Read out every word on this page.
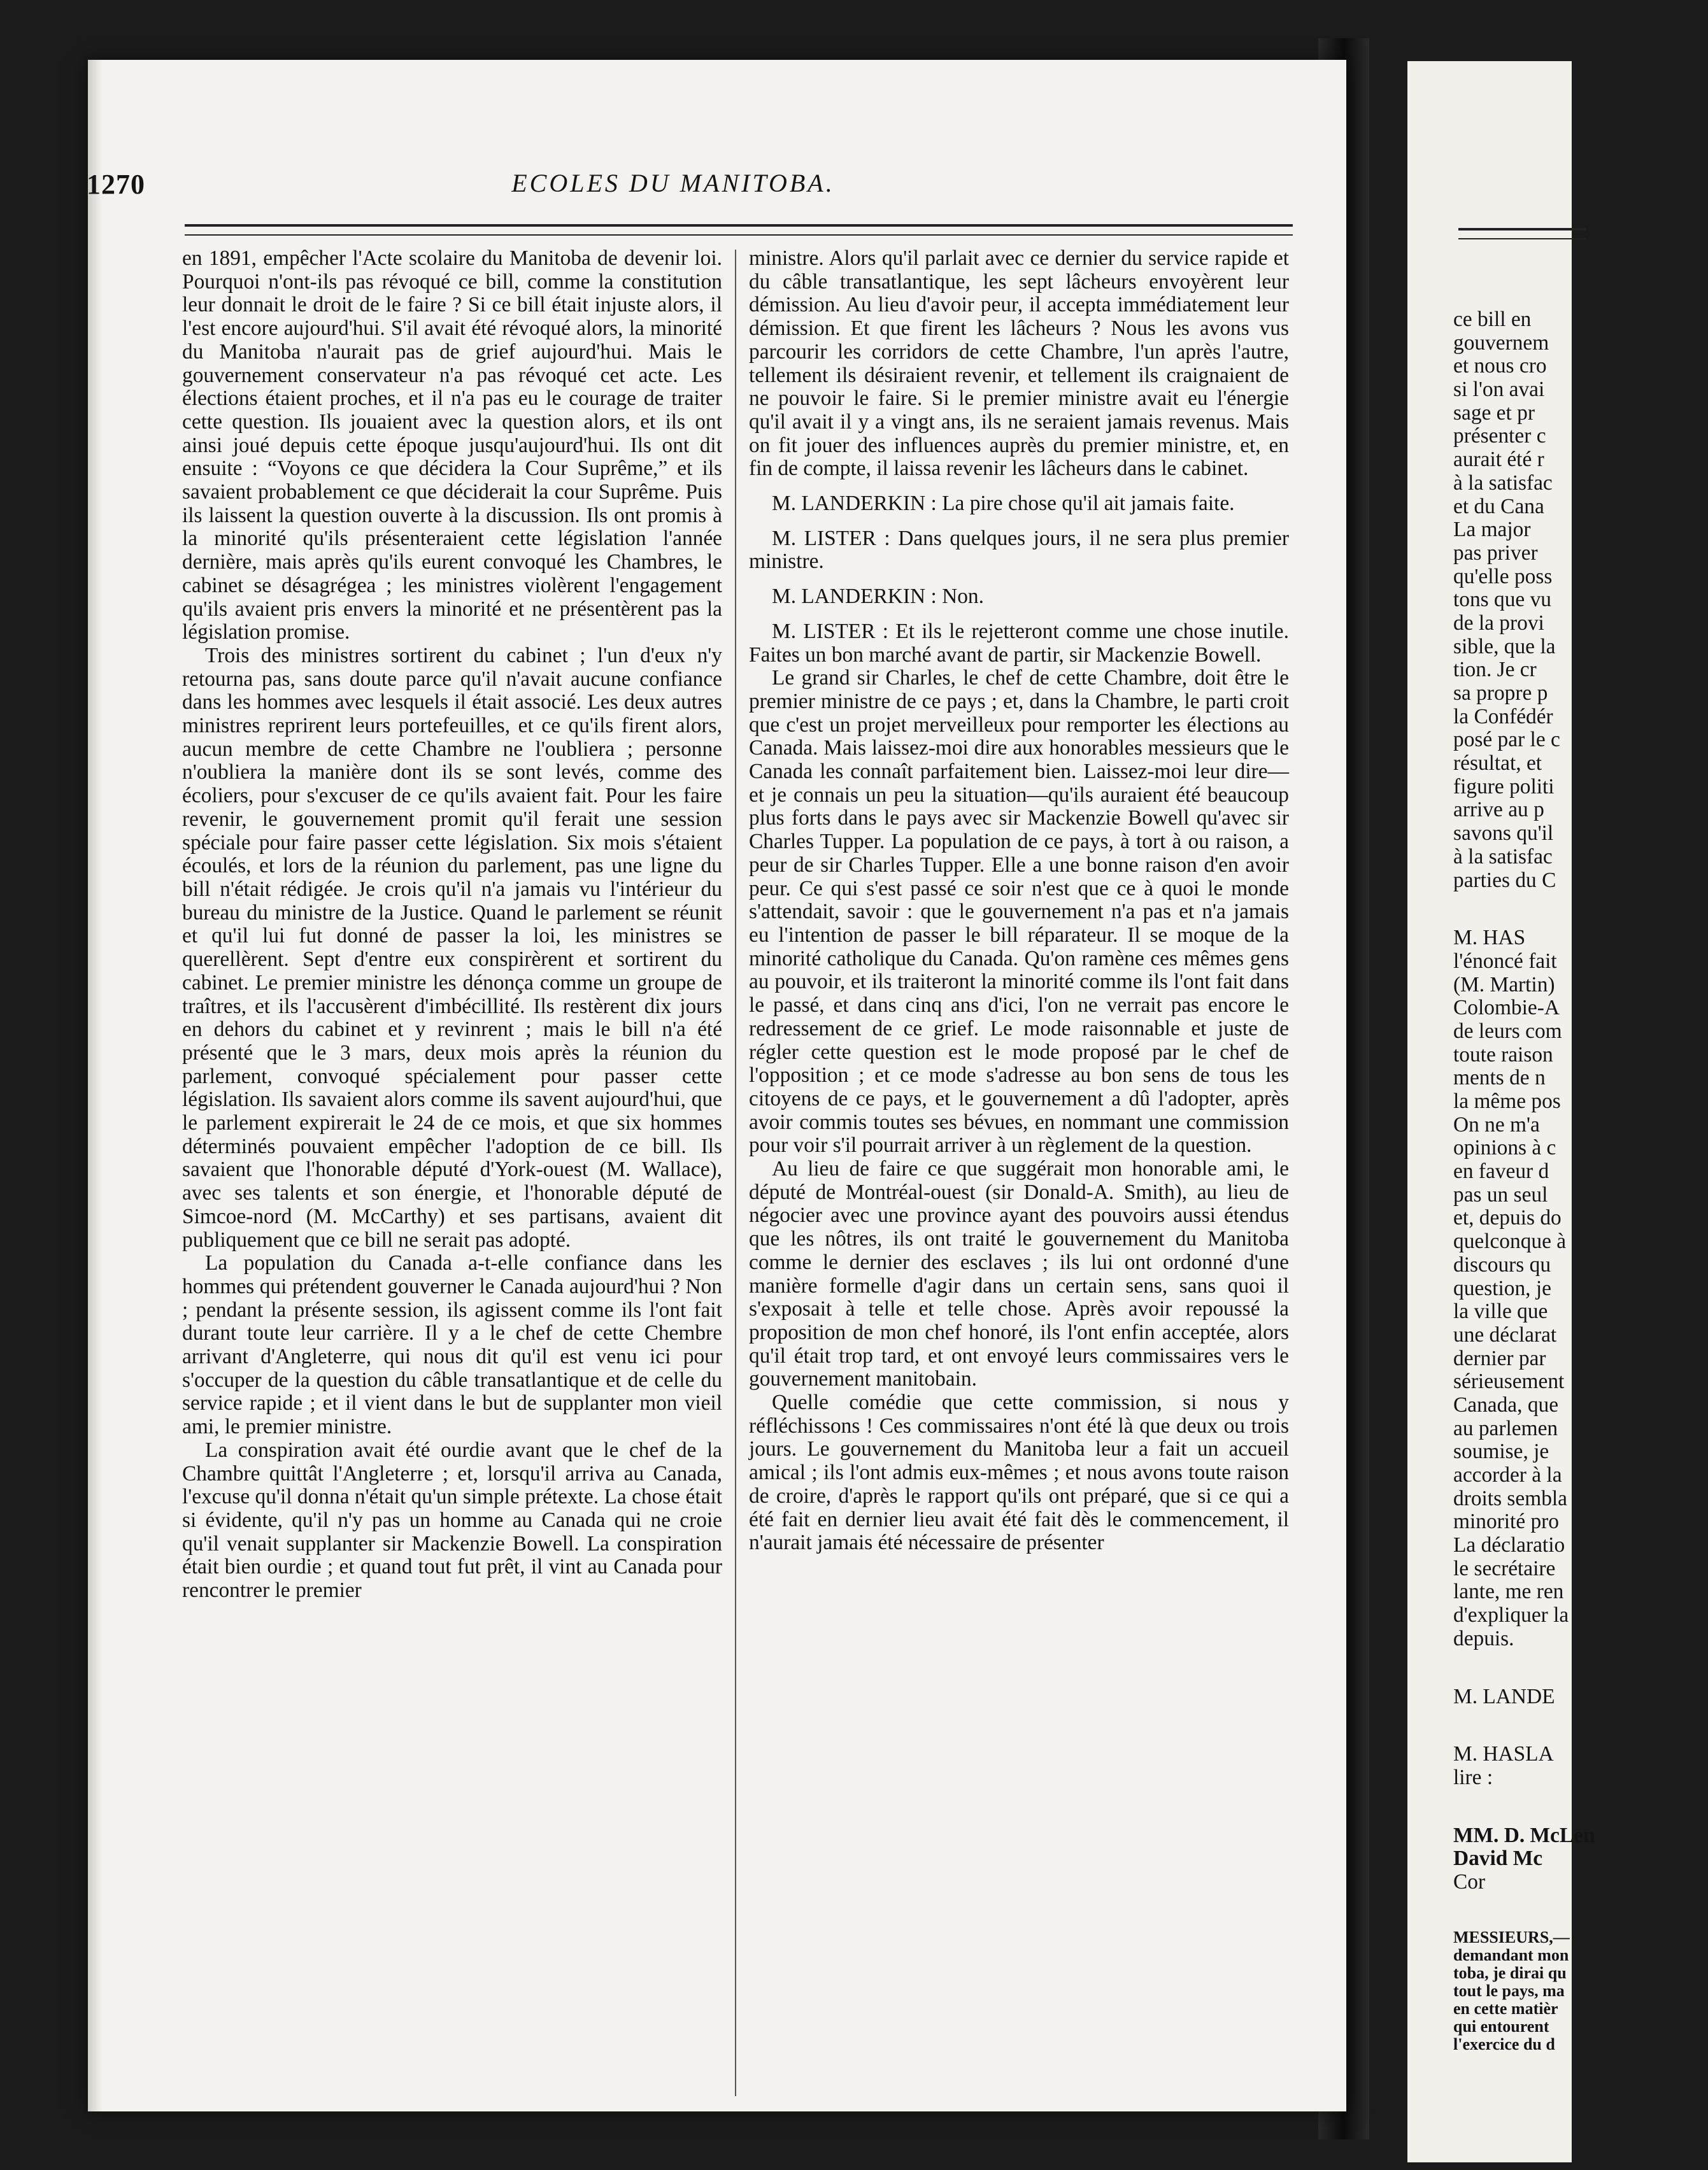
1270	ECOLES DU MANITOBA.

en 1891, empêcher l'Acte scolaire du Manitoba de devenir loi. Pourquoi n'ont-ils pas révoqué ce bill, comme la constitution leur donnait le droit de le faire ? Si ce bill était injuste alors, il l'est encore aujourd'hui. S'il avait été révoqué alors, la minorité du Manitoba n'aurait pas de grief aujourd'hui. Mais le gouvernement conservateur n'a pas révoqué cet acte. Les élections étaient proches, et il n'a pas eu le courage de traiter cette question. Ils jouaient avec la question alors, et ils ont ainsi joué depuis cette époque jusqu'aujourd'hui. Ils ont dit ensuite : “Voyons ce que décidera la Cour Suprême,” et ils savaient probablement ce que déciderait la cour Suprême. Puis ils laissent la question ouverte à la discussion. Ils ont promis à la minorité qu'ils présenteraient cette législation l'année dernière, mais après qu'ils eurent convoqué les Chambres, le cabinet se désagrégea ; les ministres violèrent l'engagement qu'ils avaient pris envers la minorité et ne présentèrent pas la législation promise.

Trois des ministres sortirent du cabinet ; l'un d'eux n'y retourna pas, sans doute parce qu'il n'avait aucune confiance dans les hommes avec lesquels il était associé. Les deux autres ministres reprirent leurs portefeuilles, et ce qu'ils firent alors, aucun membre de cette Chambre ne l'oubliera ; personne n'oubliera la manière dont ils se sont levés, comme des écoliers, pour s'excuser de ce qu'ils avaient fait. Pour les faire revenir, le gouvernement promit qu'il ferait une session spéciale pour faire passer cette législation. Six mois s'étaient écoulés, et lors de la réunion du parlement, pas une ligne du bill n'était rédigée. Je crois qu'il n'a jamais vu l'intérieur du bureau du ministre de la Justice. Quand le parlement se réunit et qu'il lui fut donné de passer la loi, les ministres se querellèrent. Sept d'entre eux conspirèrent et sortirent du cabinet. Le premier ministre les dénonça comme un groupe de traîtres, et ils l'accusèrent d'imbécillité. Ils restèrent dix jours en dehors du cabinet et y revinrent ; mais le bill n'a été présenté que le 3 mars, deux mois après la réunion du parlement, convoqué spécialement pour passer cette législation. Ils savaient alors comme ils savent aujourd'hui, que le parlement expirerait le 24 de ce mois, et que six hommes déterminés pouvaient empêcher l'adoption de ce bill. Ils savaient que l'honorable député d'York-ouest (M. Wallace), avec ses talents et son énergie, et l'honorable député de Simcoe-nord (M. McCarthy) et ses partisans, avaient dit publiquement que ce bill ne serait pas adopté.

La population du Canada a-t-elle confiance dans les hommes qui prétendent gouverner le Canada aujourd'hui ? Non ; pendant la présente session, ils agissent comme ils l'ont fait durant toute leur carrière. Il y a le chef de cette Chembre arrivant d'Angleterre, qui nous dit qu'il est venu ici pour s'occuper de la question du câble transatlantique et de celle du service rapide ; et il vient dans le but de supplanter mon vieil ami, le premier ministre.

La conspiration avait été ourdie avant que le chef de la Chambre quittât l'Angleterre ; et, lorsqu'il arriva au Canada, l'excuse qu'il donna n'était qu'un simple prétexte. La chose était si évidente, qu'il n'y pas un homme au Canada qui ne croie qu'il venait supplanter sir Mackenzie Bowell. La conspiration était bien ourdie ; et quand tout fut prêt, il vint au Canada pour rencontrer le premier

ministre. Alors qu'il parlait avec ce dernier du service rapide et du câble transatlantique, les sept lâcheurs envoyèrent leur démission. Au lieu d'avoir peur, il accepta immédiatement leur démission. Et que firent les lâcheurs ? Nous les avons vus parcourir les corridors de cette Chambre, l'un après l'autre, tellement ils désiraient revenir, et tellement ils craignaient de ne pouvoir le faire. Si le premier ministre avait eu l'énergie qu'il avait il y a vingt ans, ils ne seraient jamais revenus. Mais on fit jouer des influences auprès du premier ministre, et, en fin de compte, il laissa revenir les lâcheurs dans le cabinet.

M. LANDERKIN : La pire chose qu'il ait jamais faite.

M. LISTER : Dans quelques jours, il ne sera plus premier ministre.

M. LANDERKIN : Non.

M. LISTER : Et ils le rejetteront comme une chose inutile. Faites un bon marché avant de partir, sir Mackenzie Bowell.

Le grand sir Charles, le chef de cette Chambre, doit être le premier ministre de ce pays ; et, dans la Chambre, le parti croit que c'est un projet merveilleux pour remporter les élections au Canada. Mais laissez-moi dire aux honorables messieurs que le Canada les connaît parfaitement bien. Laissez-moi leur dire—et je connais un peu la situation—qu'ils auraient été beaucoup plus forts dans le pays avec sir Mackenzie Bowell qu'avec sir Charles Tupper. La population de ce pays, à tort à ou raison, a peur de sir Charles Tupper. Elle a une bonne raison d'en avoir peur. Ce qui s'est passé ce soir n'est que ce à quoi le monde s'attendait, savoir : que le gouvernement n'a pas et n'a jamais eu l'intention de passer le bill réparateur. Il se moque de la minorité catholique du Canada. Qu'on ramène ces mêmes gens au pouvoir, et ils traiteront la minorité comme ils l'ont fait dans le passé, et dans cinq ans d'ici, l'on ne verrait pas encore le redressement de ce grief. Le mode raisonnable et juste de régler cette question est le mode proposé par le chef de l'opposition ; et ce mode s'adresse au bon sens de tous les citoyens de ce pays, et le gouvernement a dû l'adopter, après avoir commis toutes ses bévues, en nommant une commission pour voir s'il pourrait arriver à un règlement de la question.

Au lieu de faire ce que suggérait mon honorable ami, le député de Montréal-ouest (sir Donald-A. Smith), au lieu de négocier avec une province ayant des pouvoirs aussi étendus que les nôtres, ils ont traité le gouvernement du Manitoba comme le dernier des esclaves ; ils lui ont ordonné d'une manière formelle d'agir dans un certain sens, sans quoi il s'exposait à telle et telle chose. Après avoir repoussé la proposition de mon chef honoré, ils l'ont enfin acceptée, alors qu'il était trop tard, et ont envoyé leurs commissaires vers le gouvernement manitobain.

Quelle comédie que cette commission, si nous y réfléchissons ! Ces commissaires n'ont été là que deux ou trois jours. Le gouvernement du Manitoba leur a fait un accueil amical ; ils l'ont admis eux-mêmes ; et nous avons toute raison de croire, d'après le rapport qu'ils ont préparé, que si ce qui a été fait en dernier lieu avait été fait dès le commencement, il n'aurait jamais été nécessaire de présenter

ce bill en
gouvernem
et nous cro
si l'on avai
sage et pr
présenter c
aurait été r
à la satisfac
et du Cana
La major
pas priver
qu'elle poss
tons que vu
de la provi
sible, que la
tion. Je cr
sa propre p
la Confédér
posé par le c
résultat, et
figure politi
arrive au p
savons qu'il
à la satisfac
parties du C
M. HAS
l'énoncé fait
(M. Martin)
Colombie-A
de leurs com
toute raison
ments de n
la même pos
On ne m'a
opinions à c
en faveur d
pas un seul
et, depuis do
quelconque à
discours qu
question, je
la ville que
une déclarat
dernier par
sérieusement
Canada, que
au parlemen
soumise, je
accorder à la
droits sembla
minorité pro
La déclaratio
le secrétaire
lante, me ren
d'expliquer la
depuis.
M. LANDE
M. HASLA
lire :
MM. D. McLen
David Mc
Cor
MESSIEURS,—
demandant mon
toba, je dirai qu
tout le pays, ma
en cette matièr
qui entourent
l'exercice du d
